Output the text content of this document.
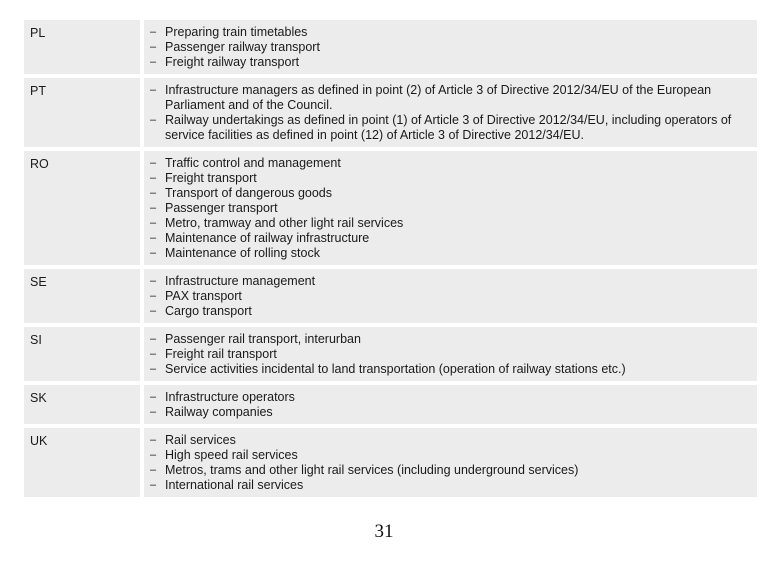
PL	– Preparing train timetables
– Passenger railway transport
– Freight railway transport
PT	– Infrastructure managers as defined in point (2) of Article 3 of Directive 2012/34/EU of the European Parliament and of the Council.
– Railway undertakings as defined in point (1) of Article 3 of Directive 2012/34/EU, including operators of service facilities as defined in point (12) of Article 3 of Directive 2012/34/EU.
RO	– Traffic control and management
– Freight transport
– Transport of dangerous goods
– Passenger transport
– Metro, tramway and other light rail services
– Maintenance of railway infrastructure
– Maintenance of rolling stock
SE	– Infrastructure management
– PAX transport
– Cargo transport
SI	– Passenger rail transport, interurban
– Freight rail transport
– Service activities incidental to land transportation (operation of railway stations etc.)
SK	– Infrastructure operators
– Railway companies
UK	– Rail services
– High speed rail services
– Metros, trams and other light rail services (including underground services)
– International rail services
31
